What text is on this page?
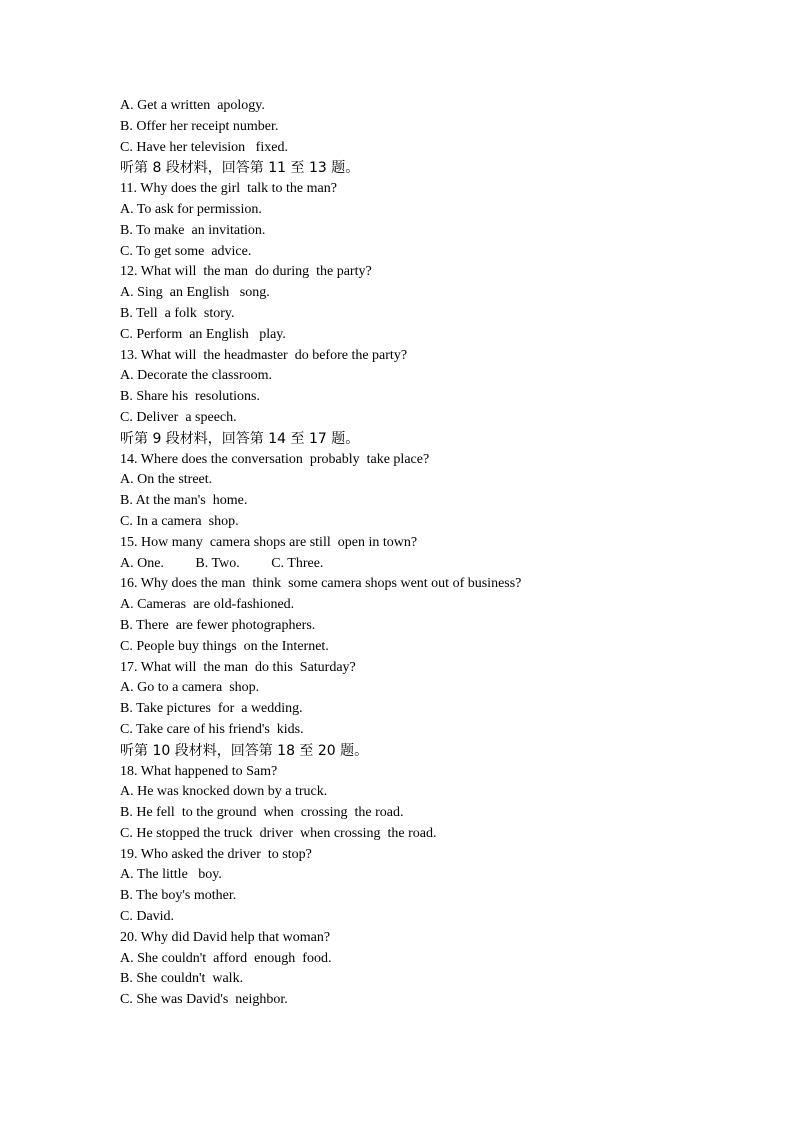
A. Get a written  apology.
B. Offer her receipt number.
C. Have her television   fixed.
听第 8 段材料，回答第 11 至 13 题。
11. Why does the girl  talk to the man?
A. To ask for permission.
B. To make  an invitation.
C. To get some  advice.
12. What will  the man  do during  the party?
A. Sing  an English   song.
B. Tell  a folk  story.
C. Perform  an English   play.
13. What will  the headmaster  do before the party?
A. Decorate the classroom.
B. Share his  resolutions.
C. Deliver  a speech.
听第 9 段材料，回答第 14 至 17 题。
14. Where does the conversation  probably  take place?
A. On the street.
B. At the man's  home.
C. In a camera  shop.
15. How many  camera shops are still  open in town?
A. One.         B. Two.         C. Three.
16. Why does the man  think  some camera shops went out of business?
A. Cameras  are old-fashioned.
B. There  are fewer photographers.
C. People buy things  on the Internet.
17. What will  the man  do this  Saturday?
A. Go to a camera  shop.
B. Take pictures  for  a wedding.
C. Take care of his friend's  kids.
听第 10 段材料，回答第 18 至 20 题。
18. What happened to Sam?
A. He was knocked down by a truck.
B. He fell  to the ground  when  crossing  the road.
C. He stopped the truck  driver  when crossing  the road.
19. Who asked the driver  to stop?
A. The little   boy.
B. The boy's mother.
C. David.
20. Why did David help that woman?
A. She couldn't  afford  enough  food.
B. She couldn't  walk.
C. She was David's  neighbor.
